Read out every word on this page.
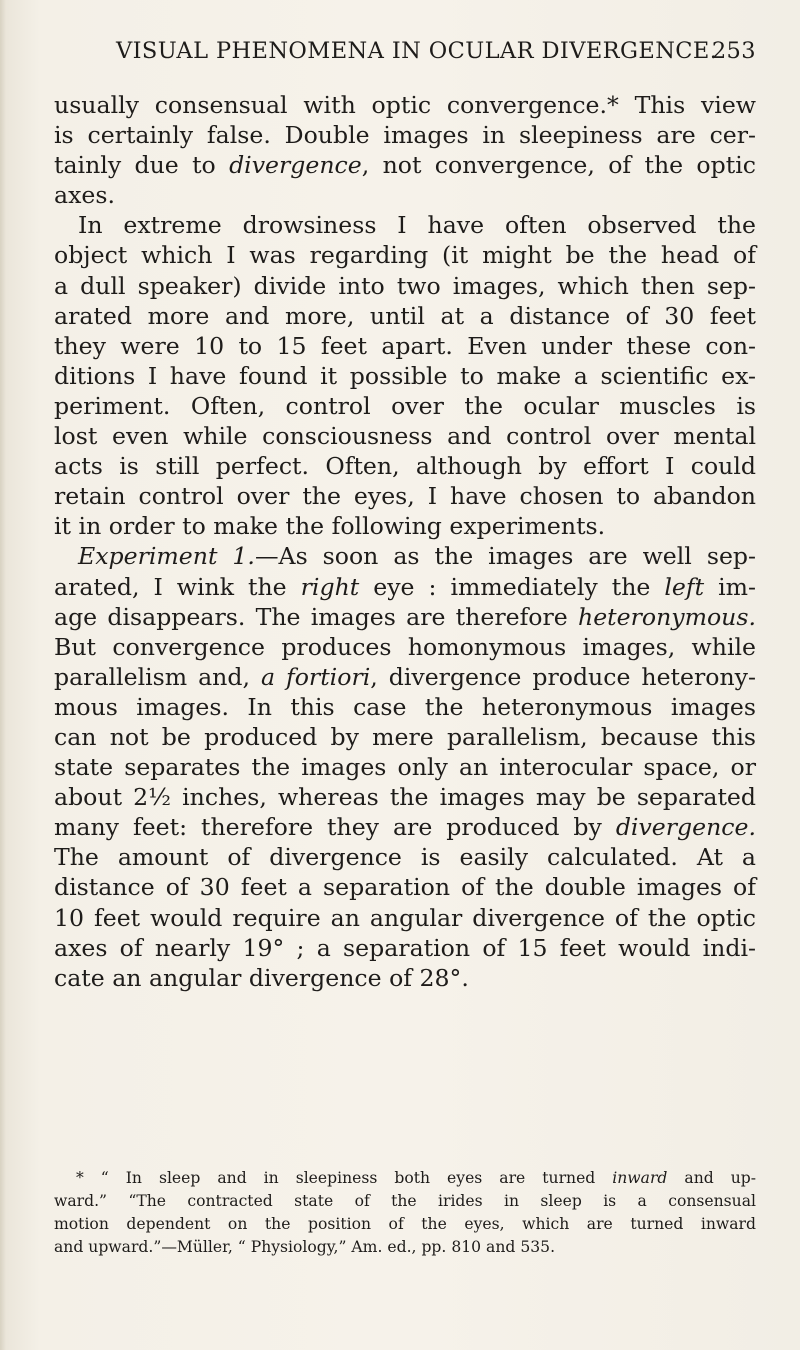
VISUAL PHENOMENA IN OCULAR DIVERGENCE.
253
usually consensual with optic convergence.* This view
is certainly false. Double images in sleepiness are cer-
tainly due to divergence, not convergence, of the optic
axes.
In extreme drowsiness I have often observed the
object which I was regarding (it might be the head of
a dull speaker) divide into two images, which then sep-
arated more and more, until at a distance of 30 feet
they were 10 to 15 feet apart. Even under these con-
ditions I have found it possible to make a scientific ex-
periment. Often, control over the ocular muscles is
lost even while consciousness and control over mental
acts is still perfect. Often, although by effort I could
retain control over the eyes, I have chosen to abandon
it in order to make the following experiments.
Experiment 1.—As soon as the images are well sep-
arated, I wink the right eye : immediately the left im-
age disappears. The images are therefore heteronymous.
But convergence produces homonymous images, while
parallelism and, a fortiori, divergence produce heterony-
mous images. In this case the heteronymous images
can not be produced by mere parallelism, because this
state separates the images only an interocular space, or
about 2½ inches, whereas the images may be separated
many feet: therefore they are produced by divergence.
The amount of divergence is easily calculated. At a
distance of 30 feet a separation of the double images of
10 feet would require an angular divergence of the optic
axes of nearly 19° ; a separation of 15 feet would indi-
cate an angular divergence of 28°.
* “ In sleep and in sleepiness both eyes are turned inward and up-
ward.” “The contracted state of the irides in sleep is a consensual
motion dependent on the position of the eyes, which are turned inward
and upward.”—Müller, “ Physiology,” Am. ed., pp. 810 and 535.
